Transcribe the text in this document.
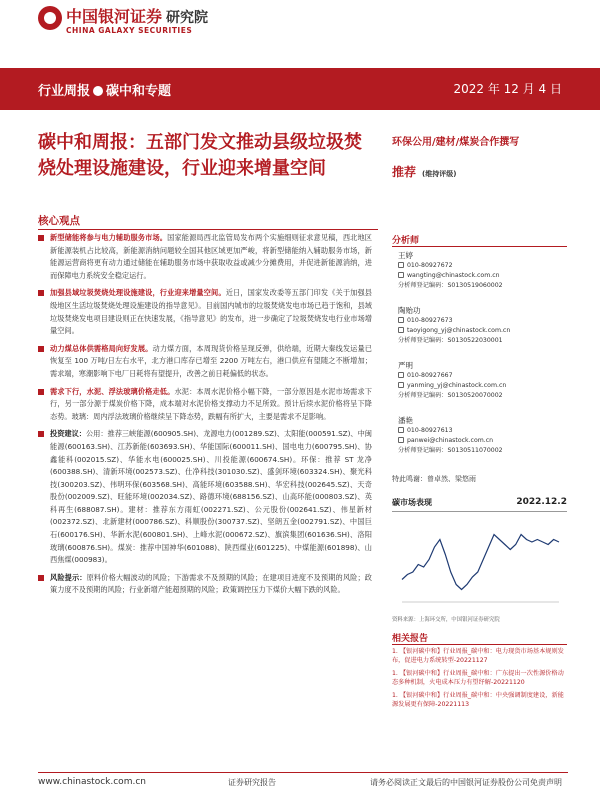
中国银河证券 研究院
CHINA GALAXY SECURITIES
行业周报 碳中和专题	2022 年 12 月 4 日
碳中和周报：五部门发文推动县级垃圾焚烧处理设施建设，行业迎来增量空间
核心观点
新型储能将参与电力辅助服务市场。国家能源局西北监管局发布两个实施细则征求意见稿，西北地区新能源装机占比较高，新能源消纳问题较全国其他区域更加严峻，将新型储能纳入辅助服务市场，新能源运营商将更有动力通过储能在辅助服务市场中获取收益或减少分摊费用，并促进新能源消纳，进而保障电力系统安全稳定运行。
加强县域垃圾焚烧处理设施建设，行业迎来增量空间。近日，国家发改委等五部门印发《关于加强县级地区生活垃圾焚烧处理设施建设的指导意见》。目前国内城市的垃圾焚烧发电市场已趋于饱和，县域垃圾焚烧发电项目建设则正在快速发展，《指导意见》的发布，进一步确定了垃圾焚烧发电行业市场增量空间。
动力煤总体供需格局向好发展。动力煤方面，本周现货价格呈现反弹，供给端，近期大秦线发运量已恢复至 100 万吨/日左右水平，北方港口库存已增至 2200 万吨左右，港口供应有望随之不断增加；需求端，寒潮影响下电厂日耗将有望提升，改善之前日耗偏低的状态。
需求下行，水泥、浮法玻璃价格走低。水泥：本周水泥价格小幅下降，一部分原因是水泥市场需求下行，另一部分源于煤炭价格下降，成本端对水泥价格支撑动力不足所致。预计后续水泥价格将呈下降态势。玻璃：周内浮法玻璃价格继续呈下降态势，跌幅有所扩大，主要是需求不足影响。
投资建议：公用：推荐三峡能源(600905.SH)、龙源电力(001289.SZ)、太阳能(000591.SZ)、中闽能源(600163.SH)、江苏新能(603693.SH)、华能国际(600011.SH)、国电电力(600795.SH)、协鑫能科(002015.SZ)、华能水电(600025.SH)、川投能源(600674.SH)。环保：推荐 ST 龙净(600388.SH)、清新环境(002573.SZ)、仕净科技(301030.SZ)、盛剑环境(603324.SH)、聚光科技(300203.SZ)、伟明环保(603568.SH)、高能环境(603588.SH)、华宏科技(002645.SZ)、天奇股份(002009.SZ)、旺能环境(002034.SZ)、路德环境(688156.SZ)、山高环能(000803.SZ)、英科再生(688087.SH)。建材：推荐东方雨虹(002271.SZ)、公元股份(002641.SZ)、伟星新材(002372.SZ)、北新建材(000786.SZ)、科顺股份(300737.SZ)、坚朗五金(002791.SZ)、中国巨石(600176.SH)、华新水泥(600801.SH)、上峰水泥(000672.SZ)、旗滨集团(601636.SH)、洛阳玻璃(600876.SH)。煤炭：推荐中国神华(601088)、陕西煤业(601225)、中煤能源(601898)、山西焦煤(000983)。
风险提示：原料价格大幅波动的风险；下游需求不及预期的风险；在建项目进度不及预期的风险；政策力度不及预期的风险；行业新增产能超预期的风险；政策调控压力下煤价大幅下跌的风险。
环保公用/建材/煤炭合作撰写
推荐 (维持评级)
分析师
王婷
010-80927672
wangting@chinastock.com.cn
分析师登记编码：S0130519060002
陶贻功
010-80927673
taoyigong_yj@chinastock.com.cn
分析师登记编码：S0130522030001
严明
010-80927667
yanming_yj@chinastock.com.cn
分析师登记编码：S0130520070002
潘艳
010-80927613
panwei@chinastock.com.cn
分析师登记编码：S0130511070002
特此鸣谢：曾卓然、梁悠雨
碳市场表现	2022.12.2
资料来源：上海环交所，中国银河证券研究院
相关报告
1. 【银河碳中和】行业周报_碳中和：电力现货市场基本规则发布，促进电力系统转型-20221127
1. 【银河碳中和】行业周报_碳中和：广东提出一次性源价格动态多种机制，火电成本压力有望纾解-20221120
1. 【银河碳中和】行业周报_碳中和：中央强调制度建设，新能源发展更有保障-20221113
www.chinastock.com.cn	证券研究报告	请务必阅读正文最后的中国银河证券股份公司免责声明
